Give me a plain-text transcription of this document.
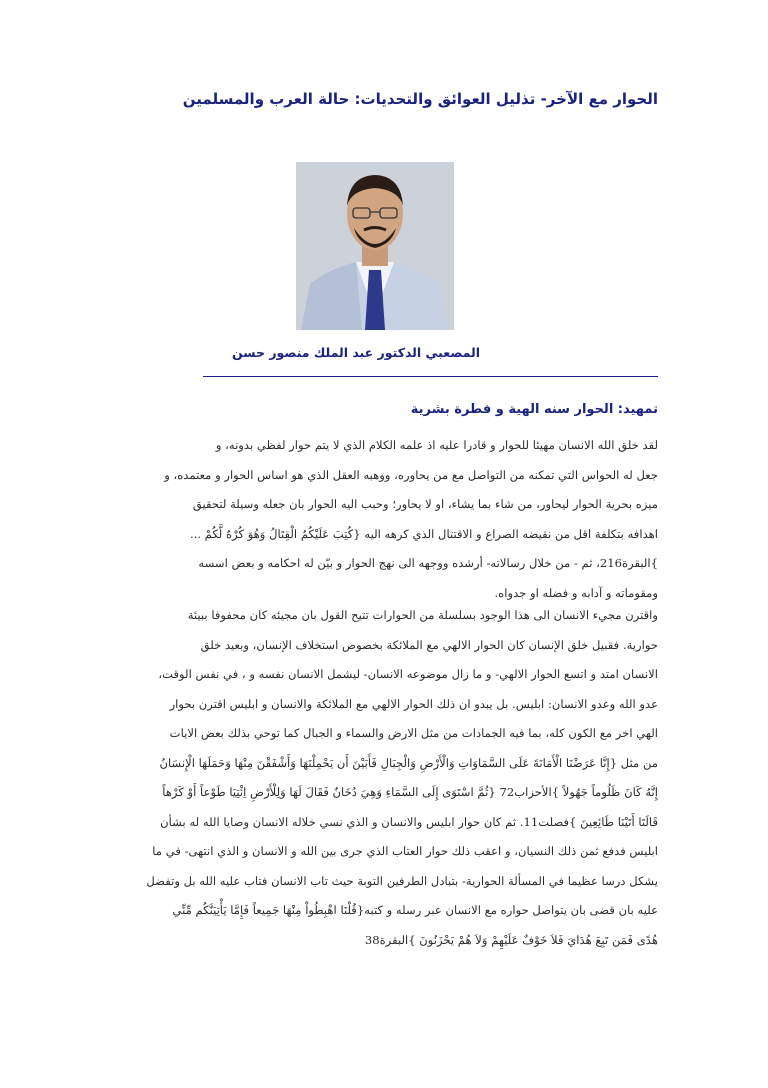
الحوار مع الآخر- تذليل العوائق والتحديات: حالة العرب والمسلمين
المصعبي الدكتور عبد الملك منصور حسن
تمهيد: الحوار سنه الهية و فطرة بشرية
لقد خلق الله الانسان مهيئا للحوار و قادرا عليه اذ علمه الكلام الذي لا يتم حوار لفظي بدونه، و
جعل له الحواس التي تمكنه من التواصل مع من يحاوره، ووهبه العقل الذي هو اساس الحوار و معتمده، و
ميزه بحرية الحوار ليحاور، من شاء بما يشاء، او لا يحاور؛ وحبب اليه الحوار بان جعله وسيلة لتحقيق
اهدافه بتكلفة اقل من نقيضه الصراع و الاقتتال الذي كرهه اليه {كُتِبَ عَلَيْكُمُ الْقِتَالُ وَهُوَ كُرْهٌ لَّكُمْ ...
}البقرة216، ثم - من خلال رسالاته- أرشده ووجهه الى نهج الحوار و بيّن له احكامه و بعض اسسه
ومقوماته و آدابه و فضله او جدواه.
واقترن مجيء الانسان الى هذا الوجود بسلسلة من الحوارات تتيح القول بان مجيئه كان محفوفا ببيئة
حوارية. فقبيل خلق الإنسان كان الحوار الالهي مع الملائكة بخصوص استخلاف الإنسان، وبعيد خلق
الانسان امتد و اتسع الحوار الالهي- و ما زال موضوعه الانسان- ليشمل الانسان نفسه و ، في نفس الوقت،
عدو الله وعدو الانسان: ابليس. بل يبدو ان ذلك الحوار الالهي مع الملائكة والانسان و ابليس اقترن بحوار
الهي اخر مع الكون كله، بما فيه الجمادات من مثل الارض والسماء و الجبال كما توحي بذلك بعض الايات
من مثل {إِنَّا عَرَضْنَا الْأَمَانَةَ عَلَى السَّمَاوَاتِ وَالْأَرْضِ وَالْجِبَالِ فَأَبَيْنَ أَن يَحْمِلْنَهَا وَأَشْفَقْنَ مِنْهَا وَحَمَلَهَا الْإِنسَانُ
إِنَّهُ كَانَ ظَلُوماً جَهُولاً }الأحزاب72 {ثُمَّ اسْتَوَى إِلَى السَّمَاءِ وَهِيَ دُخَانٌ فَقَالَ لَهَا وَلِلْأَرْضِ اِئْتِيَا طَوْعاً أَوْ كَرْهاً
قَالَتَا أَتَيْنَا طَائِعِينَ }فصلت11. ثم كان حوار ابليس والانسان و الذي نسي خلاله الانسان وصايا الله له بشأن
ابليس فدفع ثمن ذلك النسيان، و اعقب ذلك حوار العتاب الذي جرى بين الله و الانسان و الذي انتهى- في ما
يشكل درسا عظيما في المسألة الحوارية- بتبادل الطرفين التوبة حيث تاب الانسان فتاب عليه الله بل وتفضل
عليه بان قضى بان يتواصل حواره مع الانسان عبر رسله و كتبه{قُلْنَا اهْبِطُواْ مِنْهَا جَمِيعاً فَإِمَّا يَأْتِيَنَّكُم مِّنِّي
هُدًى فَمَن تَبِعَ هُدَايَ فَلاَ خَوْفٌ عَلَيْهِمْ وَلاَ هُمْ يَحْزَنُونَ }البقرة38
